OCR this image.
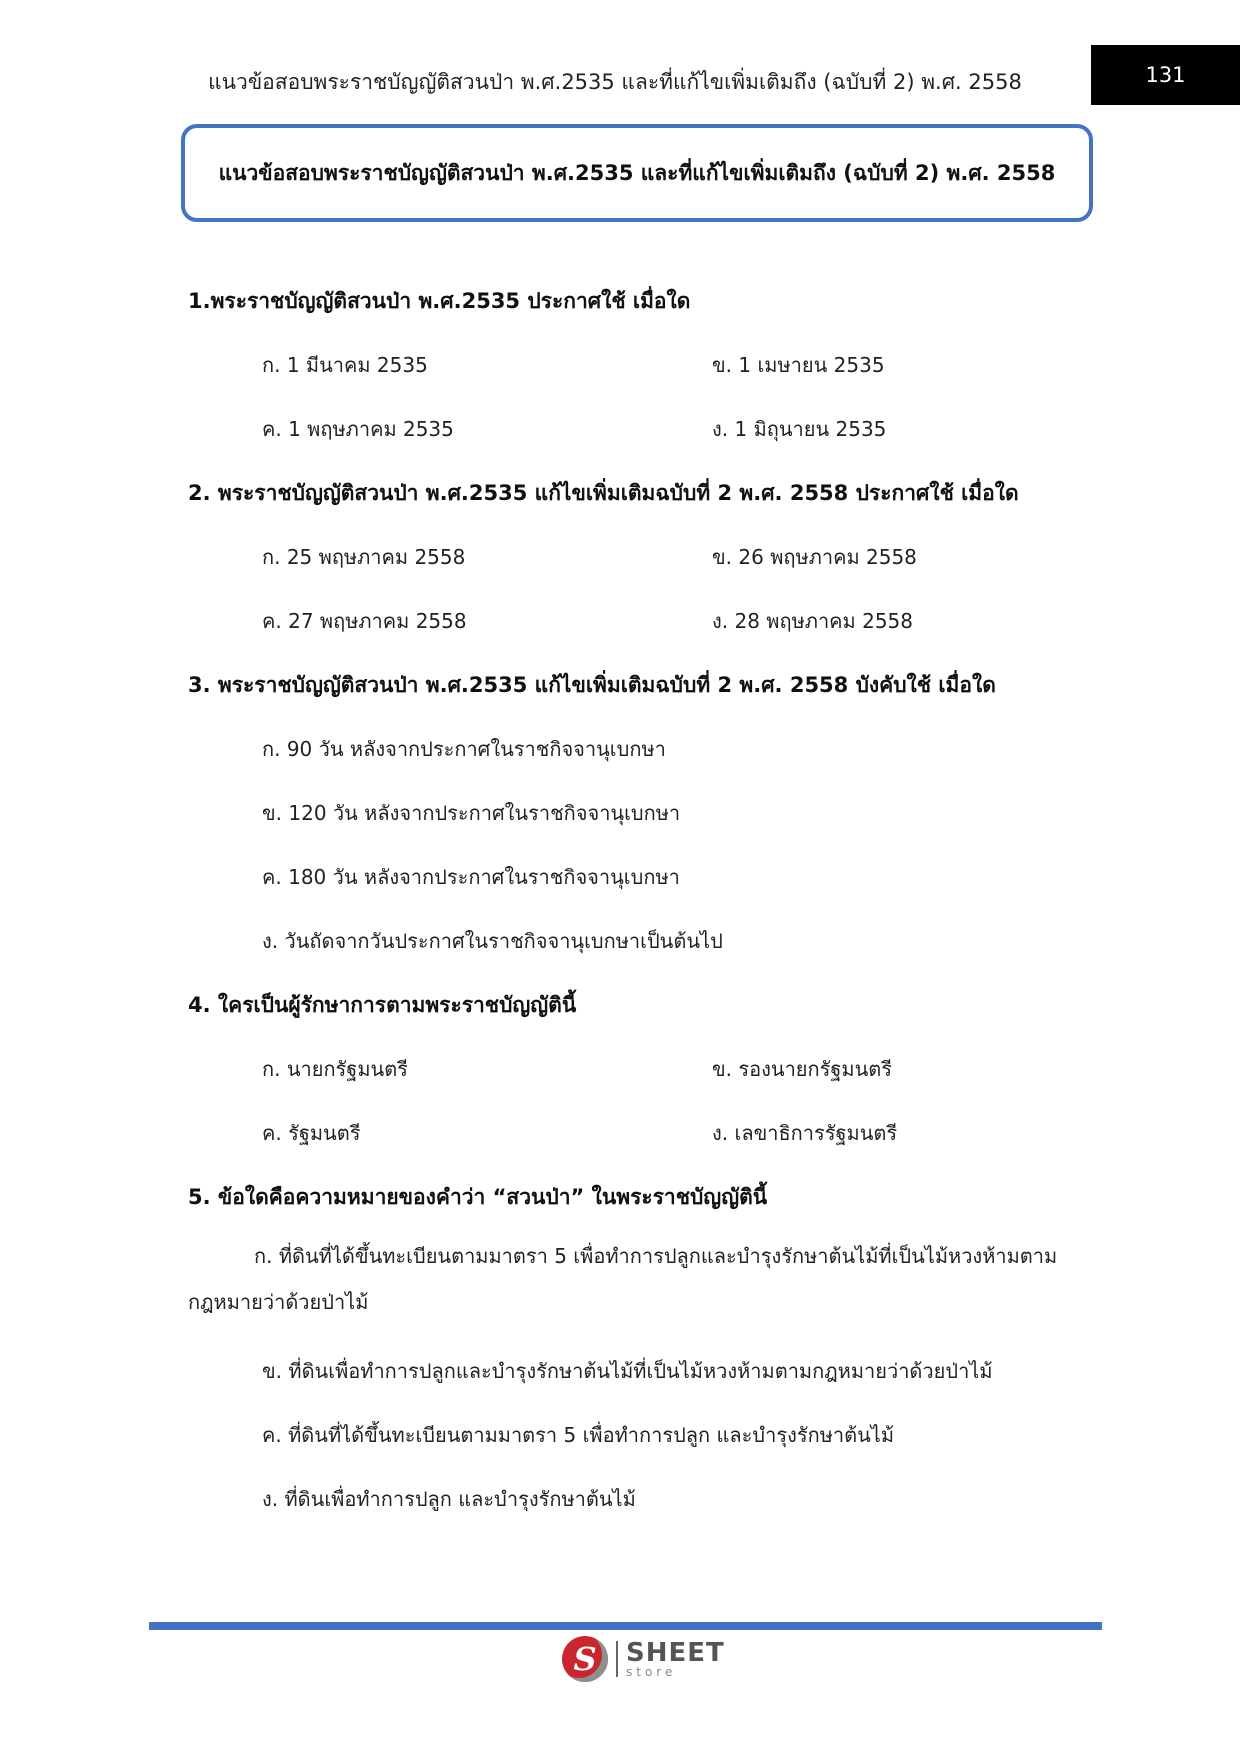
แนวข้อสอบพระราชบัญญัติสวนป่า พ.ศ.2535 และที่แก้ไขเพิ่มเติมถึง (ฉบับที่ 2) พ.ศ. 2558	131
แนวข้อสอบพระราชบัญญัติสวนป่า พ.ศ.2535 และที่แก้ไขเพิ่มเติมถึง (ฉบับที่ 2) พ.ศ. 2558
1.พระราชบัญญัติสวนป่า พ.ศ.2535 ประกาศใช้ เมื่อใด
ก. 1 มีนาคม 2535	ข. 1 เมษายน 2535
ค. 1 พฤษภาคม 2535	ง. 1 มิถุนายน 2535
2. พระราชบัญญัติสวนป่า พ.ศ.2535 แก้ไขเพิ่มเติมฉบับที่ 2 พ.ศ. 2558 ประกาศใช้ เมื่อใด
ก. 25 พฤษภาคม 2558	ข. 26 พฤษภาคม 2558
ค. 27 พฤษภาคม 2558	ง. 28 พฤษภาคม 2558
3. พระราชบัญญัติสวนป่า พ.ศ.2535 แก้ไขเพิ่มเติมฉบับที่ 2 พ.ศ. 2558 บังคับใช้ เมื่อใด
ก. 90 วัน หลังจากประกาศในราชกิจจานุเบกษา
ข. 120 วัน หลังจากประกาศในราชกิจจานุเบกษา
ค. 180 วัน หลังจากประกาศในราชกิจจานุเบกษา
ง. วันถัดจากวันประกาศในราชกิจจานุเบกษาเป็นต้นไป
4. ใครเป็นผู้รักษาการตามพระราชบัญญัตินี้
ก. นายกรัฐมนตรี	ข. รองนายกรัฐมนตรี
ค. รัฐมนตรี	ง. เลขาธิการรัฐมนตรี
5. ข้อใดคือความหมายของคำว่า “สวนป่า” ในพระราชบัญญัตินี้
ก. ที่ดินที่ได้ขึ้นทะเบียนตามมาตรา 5 เพื่อทำการปลูกและบำรุงรักษาต้นไม้ที่เป็นไม้หวงห้ามตามกฎหมายว่าด้วยป่าไม้
ข. ที่ดินเพื่อทำการปลูกและบำรุงรักษาต้นไม้ที่เป็นไม้หวงห้ามตามกฎหมายว่าด้วยป่าไม้
ค. ที่ดินที่ได้ขึ้นทะเบียนตามมาตรา 5 เพื่อทำการปลูก และบำรุงรักษาต้นไม้
ง. ที่ดินเพื่อทำการปลูก และบำรุงรักษาต้นไม้
S	SHEET
store
